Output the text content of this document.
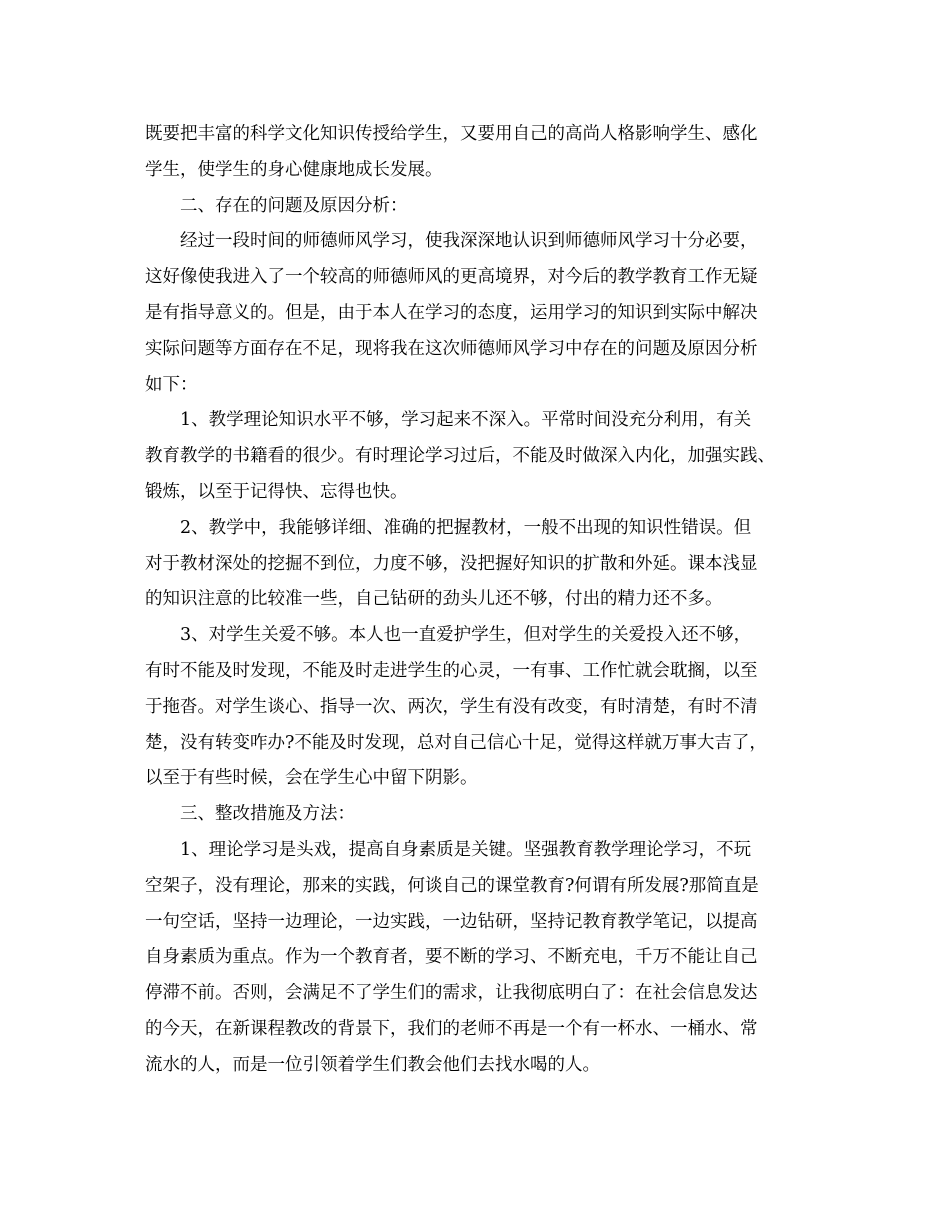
既要把丰富的科学文化知识传授给学生，又要用自己的高尚人格影响学生、感化
学生，使学生的身心健康地成长发展。
二、存在的问题及原因分析：
经过一段时间的师德师风学习，使我深深地认识到师德师风学习十分必要，
这好像使我进入了一个较高的师德师风的更高境界，对今后的教学教育工作无疑
是有指导意义的。但是，由于本人在学习的态度，运用学习的知识到实际中解决
实际问题等方面存在不足，现将我在这次师德师风学习中存在的问题及原因分析
如下：
1、教学理论知识水平不够，学习起来不深入。平常时间没充分利用，有关
教育教学的书籍看的很少。有时理论学习过后，不能及时做深入内化，加强实践、
锻炼，以至于记得快、忘得也快。
2、教学中，我能够详细、准确的把握教材，一般不出现的知识性错误。但
对于教材深处的挖掘不到位，力度不够，没把握好知识的扩散和外延。课本浅显
的知识注意的比较准一些，自己钻研的劲头儿还不够，付出的精力还不多。
3、对学生关爱不够。本人也一直爱护学生，但对学生的关爱投入还不够，
有时不能及时发现，不能及时走进学生的心灵，一有事、工作忙就会耽搁，以至
于拖沓。对学生谈心、指导一次、两次，学生有没有改变，有时清楚，有时不清
楚，没有转变咋办?不能及时发现，总对自己信心十足，觉得这样就万事大吉了，
以至于有些时候，会在学生心中留下阴影。
三、整改措施及方法：
1、理论学习是头戏，提高自身素质是关键。坚强教育教学理论学习，不玩
空架子，没有理论，那来的实践，何谈自己的课堂教育?何谓有所发展?那简直是
一句空话，坚持一边理论，一边实践，一边钻研，坚持记教育教学笔记，以提高
自身素质为重点。作为一个教育者，要不断的学习、不断充电，千万不能让自己
停滞不前。否则，会满足不了学生们的需求，让我彻底明白了：在社会信息发达
的今天，在新课程教改的背景下，我们的老师不再是一个有一杯水、一桶水、常
流水的人，而是一位引领着学生们教会他们去找水喝的人。
